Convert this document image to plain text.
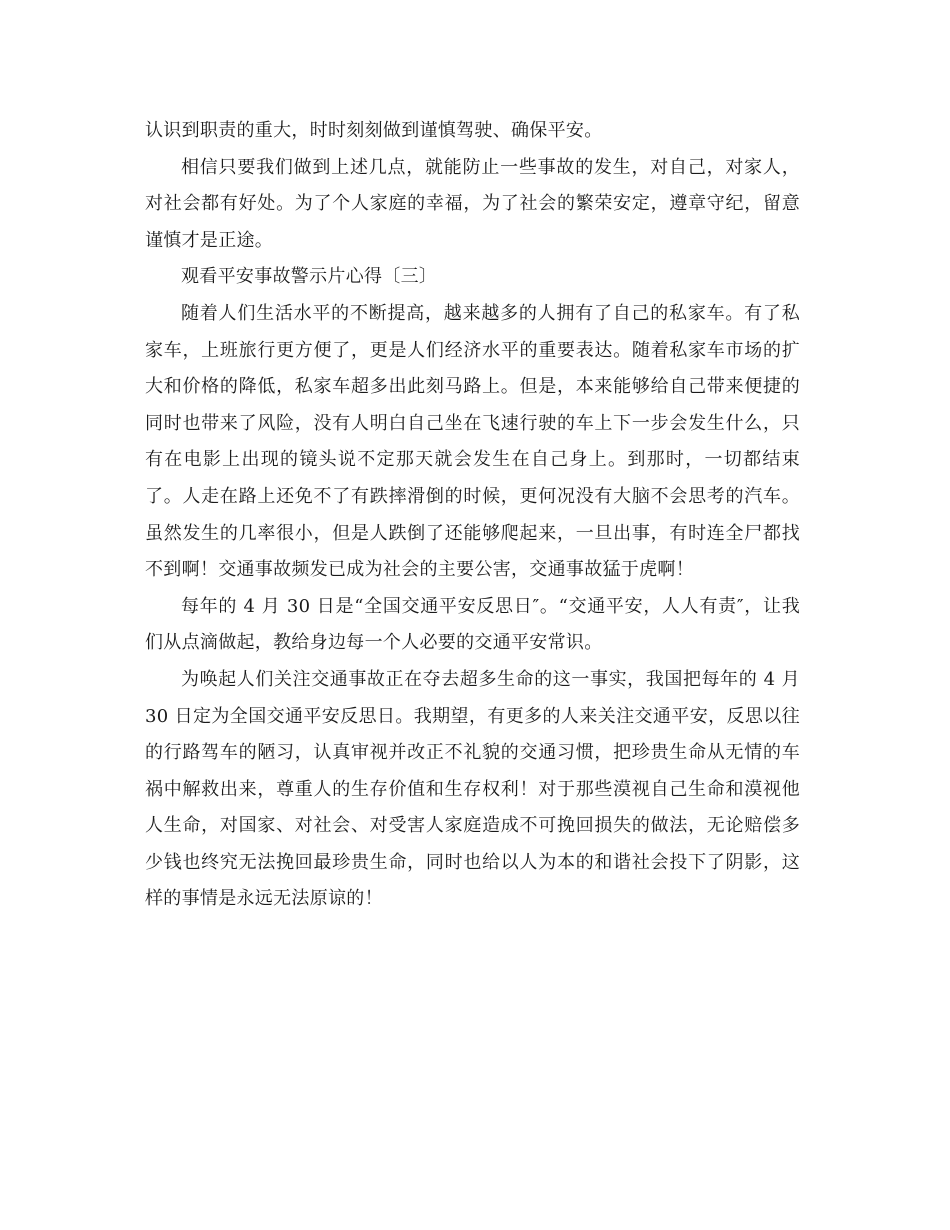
认识到职责的重大，时时刻刻做到谨慎驾驶、确保平安。

相信只要我们做到上述几点，就能防止一些事故的发生，对自己，对家人，对社会都有好处。为了个人家庭的幸福，为了社会的繁荣安定，遵章守纪，留意谨慎才是正途。

观看平安事故警示片心得〔三〕

随着人们生活水平的不断提高，越来越多的人拥有了自己的私家车。有了私家车，上班旅行更方便了，更是人们经济水平的重要表达。随着私家车市场的扩大和价格的降低，私家车超多出此刻马路上。但是，本来能够给自己带来便捷的同时也带来了风险，没有人明白自己坐在飞速行驶的车上下一步会发生什么，只有在电影上出现的镜头说不定那天就会发生在自己身上。到那时，一切都结束了。人走在路上还免不了有跌摔滑倒的时候，更何况没有大脑不会思考的汽车。虽然发生的几率很小，但是人跌倒了还能够爬起来，一旦出事，有时连全尸都找不到啊！交通事故频发已成为社会的主要公害，交通事故猛于虎啊！

每年的 4 月 30 日是“全国交通平安反思日″。“交通平安，人人有责″，让我们从点滴做起，教给身边每一个人必要的交通平安常识。

为唤起人们关注交通事故正在夺去超多生命的这一事实，我国把每年的 4 月 30 日定为全国交通平安反思日。我期望，有更多的人来关注交通平安，反思以往的行路驾车的陋习，认真审视并改正不礼貌的交通习惯，把珍贵生命从无情的车祸中解救出来，尊重人的生存价值和生存权利！对于那些漠视自己生命和漠视他人生命，对国家、对社会、对受害人家庭造成不可挽回损失的做法，无论赔偿多少钱也终究无法挽回最珍贵生命，同时也给以人为本的和谐社会投下了阴影，这样的事情是永远无法原谅的！
